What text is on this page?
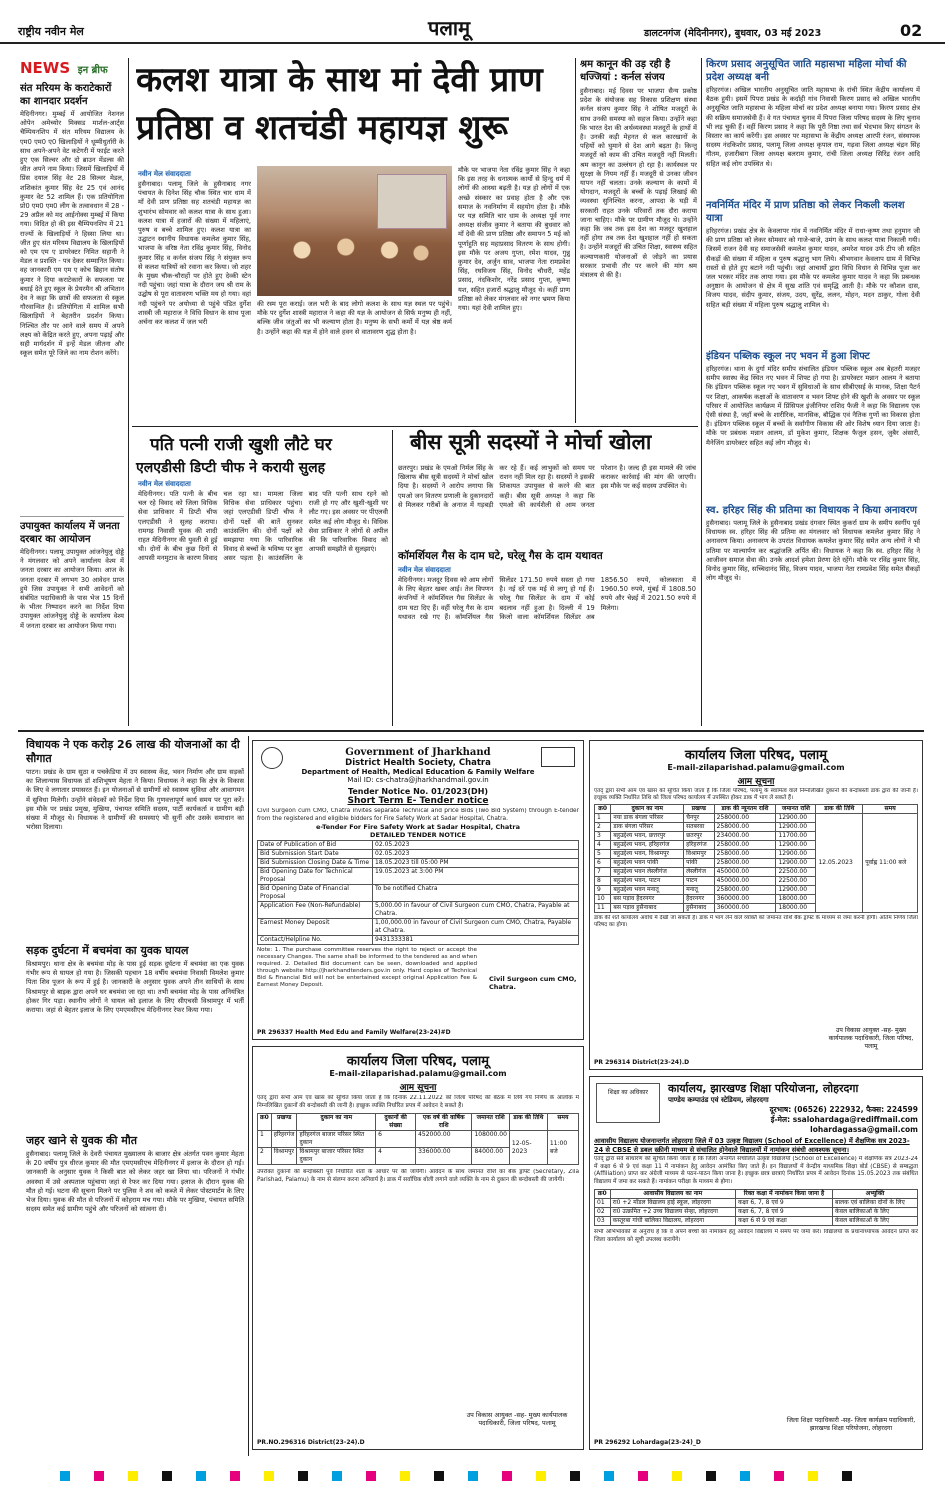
राष्ट्रीय नवीन मेल	पलामू	डालटनगंज (मेदिनीनगर), बुधवार, 03 मई 2023	02
NEWS इन ब्रीफ
संत मरियम के कराटेकारों का शानदार प्रदर्शन
मेदिनीनगर। मुम्बई में आयोजित नेशनल ओपेन अमेच्योर मिक्सड मार्शल-आर्ट्स चैम्पियनशिप में संत मरियम विद्यालय के एम0 एम0 ए0 खिलाड़ियों ने धूम्मीधुर्तारी के साथ अपने-अपने वेट कटेगरी में फाईट करते हुए एक सिल्वर और दो ब्राउन मेंडल्स की जीत अपने नाम किया। जिसमें खिलाड़ियों में प्रिंस दयाल सिंह वेट 28 सिल्वर मेडल, शशिकांत कुमार सिंह वेट 25 एवं आनंद कुमार वेट 52 शामिल हैं। एक प्रतियोगिता प्रो0 एम0 एम0 लीग के तत्वावधान में 28 - 29 अप्रैल को मद आईनोक्स मुम्बई में किया गया। विदित हो की इस चैम्पियनशिप में 21 राज्यों के खिलाड़ियों ने हिस्सा लिया था। जीत हुए संत मरियम विद्यालय के खिलाड़ियों को एम एम ए डायरेक्टर निमित सहानी ने मेडल व प्रशस्ति - पत्र देकर सम्मानित किया। वह जानकारी एम एम ए कोच ब्रिहान संतोष कुमार ने दिया कराटेकारों के सफलता पर बधाई देते हुए स्कूल के प्रेयरमैन श्री अभितान देव ने कहा कि छात्रों की सफलता से स्कूल गौरवान्वित है। प्रतियोगिता में शामिल सभी खिलाड़ियों ने बेहतरीन प्रदर्शन किया। निश्चित तौर पर आने वाले समय में अपने लक्ष्य को केंद्रित करते हुए, अपना पढ़ाई और सही मार्गदर्शन में इन्हें मेडल जीतना और स्कूल समेत पूरे जिले का नाम रोशन करेंगे।
उपायुक्त कार्यालय में जनता दरबार का आयोजन
मेदिनीनगर। पलामू उपायुक्त आंजनेयुलु दोड्डे ने मंगलवार को अपने कार्यालय वेश्म में जनता दरबार का आयोजन किया। आज के जनता दरबार में लगभग 30 आवेदन प्राप्त हुये जिस उपायुक्त ने सभी आवेदनों को संबंधित पदाधिकारी के पास भेज 15 दिनों के भीतर निष्पादन करने का निर्देश दिया उपायुक्त आंजनेयुलु दोड्डे के कार्यालय वेश्म में जनता दरबार का आयोजन किया गया।
कलश यात्रा के साथ मां देवी प्राण प्रतिष्ठा व शतचंडी महायज्ञ शुरू
नवीन मेल संवाददाता
हुसैनाबाद। पलामू जिले के हुसैनाबाद नगर पंचायत के दिनेश सिंह चौक स्थित चार धाम में माँ देवी प्राण प्रतिष्ठा सह शतचंडी महायज्ञ का शुभारंभ सोमवार को कलश यात्रा के साथ हुआ। कलश यात्रा में हजारों की संख्या में महिलाएं, पुरुष व बच्चे शामिल हुए। कलश यात्रा का उद्घाटन स्थानीय विधायक कमलेश कुमार सिंह, भाजपा के वरिष्ठ नेता रविंद्र कुमार सिंह, विनोद कुमार सिंह व कर्नल संजय सिंह ने संयुक्त रूप से कलश यात्रियों को रवाना कर किया। जो शहर के मुख्य चौक-चौराहों पर होते हुए देव्की स्टेन नदी पहुंचा। जहां यात्रा के दौरान जय श्री राम के उद्घोष से पूरा वातावरण भक्ति मय हो गया। वहां नदी पहुंचने पर अयोध्या से पहुंचे पंडित दुर्गेश शास्त्री जी महाराज ने विधि विधान के साथ पूजा अर्चना कर कलश में जल भरी
की रस्म पूरा कराई। जल भरी के बाद लोगो कलश के साथ यज्ञ स्थल पर पहुंचे। मौके पर दुर्गेश शास्त्री महाराज ने कहा की यज्ञ के आयोजन से सिर्फ मनुष्य ही नहीं, बल्कि जीव जंतुओं का भी कल्याण होता है। मनुष्य के सभी कर्मो में यज्ञ श्रेष्ठ कर्म है। उन्होंने कहा की यज्ञ में होने वाले हवन से वातावरण शुद्ध होता है।
मौके पर भाजपा नेता रविंद्र कुमार सिंह ने कहा कि इस तरह के धनात्मक कार्यो से हिन्दु धर्म में लोगों की आस्था बढ़ती है। यज्ञ हो लोगों में एक अच्छे संस्कार का प्रवाह होता है और एक समाज के नवनिर्माण में सहयोग होता है। मौके पर यज्ञ समिति चार धाम के अध्यक्ष पूर्व नगर अध्यक्ष संजीव कुमार ने बताया की बुधवार को माँ देवी की प्राण प्रतिष्ठा और समापन 5 मई को पूर्णाहुति सह महाप्रसाद वितरण के साथ होगी। इस मौके पर अजय गुप्ता, रमेश यादव, गुन्नु कुमार देव, अर्जुन साव, भाजपा नेता रामप्रवेश सिंह, रघविजय सिंह, विनोद चौधरी, महेंद्र प्रसाद, नंदकिशोर, नरेंद्र प्रसाद गुप्ता, कृष्णा यश, सहित हजारों श्रद्धालु मौजूद थे। कहीं प्राण प्रतिष्ठा को लेकर मंगलवार को नगर भ्रमण किया गया। यहां देवी शामिल हुए।
श्रम कानून की उड़ रही है धज्जियां : कर्नल संजय
हुसैनाबाद। मई दिवस पर भाजपा सैन्य प्रकोष्ठ प्रदेश के संयोजक सह विकास प्रशिक्षण संस्था कर्नल संजय कुमार सिंह ने शोषित मजदूरों के साथ उनकी समस्या को सहज किया। उन्होंने कहा कि भारत देश की अर्थव्यवस्था मजदूरों के हाथों में है। उनकी कड़ी मेहनत से कल कारखानों के पहियों को घुमाने से देश आगे बढ़ता है। किन्तु मजदूरों को काम की उचित मजदूरी नहीं मिलती। श्रम कानून का उल्लंघन हो रहा है। कार्यस्थल पर सुरक्षा के नियम नहीं हैं। मजदूरी से उनका जीवन यापन नहीं चलता। उनके कल्याण के कामों में योगदान, मजदूरों के बच्चों के पढ़ाई लिखाई की व्यवस्था सुनिश्चित करना, आपदा के घड़ी में सरकारी राहत उनके परिवारों तक दौरा कराया जाना चाहिए। मौके पर ग्रामीण मौजूद थे। उन्होंने कहा कि जब तक इस देश का मजदूर खुशहाल नहीं होगा तब तक देश खुशहाल नहीं हो सकता है। उन्होंने मजदूरों की उचित शिक्षा, स्वास्थ्य सहित कल्याणकारी योजनाओं से जोड़ने का प्रयास सरकार प्रभावी तौर पर करने की मांग श्रम मंत्रालय से की है।
किरण प्रसाद अनुसूचित जाति महासभा महिला मोर्चा की प्रदेश अध्यक्ष बनी
हरिहरगंज। अखिल भारतीय अनुसूचित जाति महासभा के रांची स्थित केंद्रीय कार्यालय में बैठक हुयी। इसमें पिपरा प्रखंड के कर्दाही गांव निवासी किरण प्रसाद को अखिल भारतीय अनुसूचित जाति महासभा के महिला मोर्चा का प्रदेश अध्यक्ष बनाया गया। किरण प्रसाद क्षेत्र की सक्रिय समाजसेवी हैं। वे गत पंचायत चुनाव में पिपरा जिला परिषद सदस्य के लिए चुनाव भी लड़ चुकी हैं। वहीं किरण प्रसाद ने कहा कि पूरी निष्ठा तथा सर्व भेदभाव किए संगठन के विस्तार का कार्य करेंगी। इस अवसर पर महासभा के केंद्रीय अध्यक्ष आरपी रंजन, संस्थापक सदस्य नंदकिशोर प्रसाद, पलामू जिला अध्यक्ष कृपाल राम, गढ़वा जिला अध्यक्ष चंद्रन सिंह गौतम, हजारीबाग जिला अध्यक्ष बलराम कुमार, रांची जिला अध्यक्ष सिरिंद्र रंजन आदि सहित कई लोग उपस्थित थे।
नवनिर्मित मंदिर में प्राण प्रतिष्ठा को लेकर निकली कलश यात्रा
हरिहरगंज। प्रखंड क्षेत्र के केवलापर गांव में नवनिर्मित मंदिर में राधा-कृष्ण तथा हनुमान जी की प्राण प्रतिष्ठा को लेकर सोमवार को गाजे-बाजे, उमंग के साथ कलश यात्रा निकाली गयी। जिसमें राजन देवी सह समाजसेवी कमलेश कुमार यादव, अमरेश यादव उर्फ टीप जी सहित सैकड़ों की संख्या में महिला व पुरुष श्रद्धालु भाग लिये। श्रीभगवान केवलाप ग्राम में विभिन्न रास्तों से होते हुए बटाने नदी पहुंची। जहां आचार्यो द्वारा विधि विधान से विभिन्न पूजा कर जल भरकर मंदिर तक लाया गया। इस मौके पर कमलेश कुमार यादव ने कहा कि प्रबन्धक अनुष्ठान के आयोजन से क्षेत्र में सुख शांति एवं समृद्धि आती है। मौके पर कौशल दास, विजय यादव, संदीप कुमार, संजय, उदय, सुरेंद्र, ललन, मोहन, मदन ठाकुर, गोला देवी सहित बड़ी संख्या में महिला पुरुष श्रद्धालु शामिल थे।
इंडियन पब्लिक स्कूल नए भवन में हुआ शिफ्ट
हरिहरगंज। थाना के दुर्गा मंदिर समीप संचालित इंडियन पब्लिक स्कूल अब बेहतरी मजहर समीप स्वास्थ केंद्र स्थित नए भवन में शिफ्ट हो गया है। डायरेक्टर मन्नान आलम ने बताया कि इंडियन पब्लिक स्कूल नए भवन में सुविधाओं के साथ सीबीएसई के मानक, शिक्षा पैटर्न पर शिक्षा, आकर्षक कक्षाओं के वातावरण व भवन शिफ्ट होने की खुशी के अवसर पर स्कूल परिसर में आयोजित कार्यक्रम में प्रिंसिपल इंजीनियर राशिद फैजी ने कहा कि विद्यालय एक ऐसी संस्था है, जहाँ बच्चे के शारीरिक, मानसिक, बौद्धिक एवं नैतिक गुणों का विकास होता है। इंडियन पब्लिक स्कूल में बच्चों के सर्वांगीण विकास की ओर विशेष ध्यान दिया जाता है। मौके पर प्रबंधक मन्नान आलम, डॉ मुकेश कुमार, शिक्षक फैजुल हसन, जुबैर अंसारी, मैनेजिंग डायरेक्टर सहित कई लोग मौजूद थे।
स्व. हरिहर सिंह की प्रतिमा का विधायक ने किया अनावरण
हुसैनाबाद। पलामू जिले के हुसैनाबाद प्रखंड दंगवार स्थित कुकर्रा ग्राम के समीप स्वर्गीय पूर्व विधायक स्व. हरिहर सिंह की प्रतिमा का मंगलवार को विधायक कमलेश कुमार सिंह ने अनावरण किया। अनावरण के उपरांत विधायक कमलेश कुमार सिंह समेत अन्य लोगों ने भी प्रतिमा पर माल्यार्पण कर श्रद्धांजलि अर्पित की। विधायक ने कहा कि स्व. हरिहर सिंह ने आजीवन समाज सेवा की। उनके आदर्श हमेशा प्रेरणा देते रहेंगे। मौके पर रविंद्र कुमार सिंह, विनोद कुमार सिंह, सच्चिदानंद सिंह, विजय यादव, भाजपा नेता रामप्रवेश सिंह समेत सैकड़ों लोग मौजूद थे।
पति पत्नी राजी खुशी लौटे घर
एलएडीसी डिप्टी चीफ ने करायी सुलह
नवीन मेल संवाददाता
मेदिनीनगर। पति पत्नी के बीच चल रहे विवाद को जिला विधिक सेवा प्राधिकार में डिप्टी चीफ एलएडीसी ने सुलह कराया। रामगढ़ निवासी युवक की शादी राहत मेदिनीनगर की युवती से हुई थी। दोनों के बीच कुछ दिनों से आपसी मनमुटाव के कारण विवाद चल रहा था। मामला जिला विधिक सेवा प्राधिकार पहुंचा। जहां एलएडीसी डिप्टी चीफ ने दोनों पक्षों की बातें सुनकर काउंसलिंग की। दोनों पक्षों को समझाया गया कि पारिवारिक विवाद से बच्चों के भविष्य पर बुरा असर पड़ता है। काउंसलिंग के बाद पति पत्नी साथ रहने को राजी हो गए और खुशी-खुशी घर लौट गए। इस अवसर पर पीएलवी समेत कई लोग मौजूद थे। विधिक सेवा प्राधिकार ने लोगों से अपील की कि पारिवारिक विवाद को आपसी समझौते से सुलझाएं।
बीस सूत्री सदस्यों ने मोर्चा खोला
छतरपुर। प्रखंड के एमओ निर्मल सिंह के खिलाफ बीस सूत्री सदस्यों ने मोर्चा खोल दिया है। सदस्यों ने आरोप लगाया कि एमओ जन वितरण प्रणाली के दुकानदारों से मिलकर गरीबों के अनाज में गड़बड़ी कर रहे हैं। कई लाभुकों को समय पर राशन नहीं मिल रहा है। सदस्यों ने इसकी शिकायत उपायुक्त से करने की बात कही। बीस सूत्री अध्यक्ष ने कहा कि एमओ की कार्यशैली से आम जनता परेशान है। जल्द ही इस मामले की जांच कराकर कार्रवाई की मांग की जाएगी। इस मौके पर कई सदस्य उपस्थित थे।
कॉमर्शियल गैस के दाम घटे, घरेलू गैस के दाम यथावत
नवीन मेल संवाददाता
मेदिनीनगर। मजदूर दिवस को आम लोगों के लिए बेहतर खबर आई। तेल विपणन कंपनियों ने कॉमर्शियल गैस सिलेंडर के दाम घटा दिए हैं। वहीं घरेलू गैस के दाम यथावत रखे गए हैं। कॉमर्शियल गैस सिलेंडर 171.50 रुपये सस्ता हो गया है। नई दरें एक मई से लागू हो गई हैं। घरेलू गैस सिलेंडर के दाम में कोई बदलाव नहीं हुआ है। दिल्ली में 19 किलो वाला कॉमर्शियल सिलेंडर अब 1856.50 रुपये, कोलकाता में 1960.50 रुपये, मुंबई में 1808.50 रुपये और चेन्नई में 2021.50 रुपये में मिलेगा।
विधायक ने एक करोड़ 26 लाख की योजनाओं का दी सौगात
पाटन। प्रखंड के ग्राम सुठा व पचकेडिया में उप स्वास्थ्य केंद्र, भवन निर्माण और ग्राम सड़कों का शिलान्यास विधायक डॉ शशिभूषण मेहता ने किया। विधायक ने कहा कि क्षेत्र के विकास के लिए वे लगातार प्रयासरत हैं। इन योजनाओं से ग्रामीणों को स्वास्थ्य सुविधा और आवागमन में सुविधा मिलेगी। उन्होंने संवेदकों को निर्देश दिया कि गुणवत्तापूर्ण कार्य समय पर पूरा करें। इस मौके पर प्रखंड प्रमुख, मुखिया, पंचायत समिति सदस्य, पार्टी कार्यकर्ता व ग्रामीण बड़ी संख्या में मौजूद थे। विधायक ने ग्रामीणों की समस्याएं भी सुनीं और उसके समाधान का भरोसा दिलाया।
सड़क दुर्घटना में बचमंवा का युवक घायल
विश्रामपुर। थाना क्षेत्र के बचमंवा मोड़ के पास हुई सड़क दुर्घटना में बचमंवा का एक युवक गंभीर रूप से घायल हो गया है। जिसकी पहचान 18 वर्षीय बचमंवा निवासी विमलेश कुमार पिता शिव पूजन के रूप में हुई है। जानकारी के अनुसार युवक अपने तीन साथियों के साथ विश्रामपुर से बाइक द्वारा अपने घर बचमंवा जा रहा था। तभी बचमंवा मोड़ के पास अनियंत्रित होकर गिर पड़ा। स्थानीय लोगों ने घायल को इलाज के लिए सीएचसी विश्रामपुर में भर्ती कराया। जहां से बेहतर इलाज के लिए एमएमसीएच मेदिनीनगर रेफर किया गया।
जहर खाने से युवक की मौत
हुसैनाबाद। पलामू जिले के देवरी पंचायत मुख्यालय के बाजार क्षेत्र अंतर्गत पवन कुमार मेहता के 20 वर्षीय पुत्र धीरज कुमार की मौत एमएमसीएच मेदिनीनगर में इलाज के दौरान हो गई। जानकारी के अनुसार युवक ने किसी बात को लेकर जहर खा लिया था। परिजनों ने गंभीर अवस्था में उसे अस्पताल पहुंचाया जहां से रेफर कर दिया गया। इलाज के दौरान युवक की मौत हो गई। घटना की सूचना मिलने पर पुलिस ने शव को कब्जे में लेकर पोस्टमार्टम के लिए भेज दिया। युवक की मौत से परिजनों में कोहराम मच गया। मौके पर मुखिया, पंचायत समिति सदस्य समेत कई ग्रामीण पहुंचे और परिजनों को सांत्वना दी।
Government of Jharkhand
District Health Society, Chatra
Department of Health, Medical Education & Family Welfare
Mail ID: cs-chatra@jharkhandmail.gov.in
Tender Notice No. 01/2023(DH)
Short Term E- Tender notice
Civil Surgeon cum CMO, Chatra invites separate Technical and price Bids (Two Bid System) through E-tender from the registered and eligible bidders for Fire Safety Work at Sadar Hospital, Chatra.
e-Tender For Fire Safety Work at Sadar Hospital, Chatra
DETAILED TENDER NOTICE
Date of Publication of Bid	02.05.2023
Bid Submission Start Date	02.05.2023
Bid Submission Closing Date & Time	18.05.2023 till 05:00 PM
Bid Opening Date for Technical Proposal	19.05.2023 at 3:00 PM
Bid Opening Date of Financial Proposal	To be notified Chatra
Application Fee (Non-Refundable)	5,000.00 in favour of Civil Surgeon cum CMO, Chatra, Payable at Chatra.
Earnest Money Deposit	1,00,000.00 in favour of Civil Surgeon cum CMO, Chatra, Payable at Chatra.
Contact/Helpline No.	9431333381
Note: 1. The purchase committee reserves the right to reject or accept the necessary Changes. The same shall be informed to the tendered as and when required. 2. Detailed Bid document can be seen, downloaded and applied through website http://jharkhandtenders.gov.in only. Hard copies of Technical Bid & Financial Bid will not be entertained except original Application Fee & Earnest Money Deposit.
Civil Surgeon cum CMO, Chatra.
PR 296337 Health Med Edu and Family Welfare(23-24)#D
कार्यालय जिला परिषद, पलामू
E-mail-zilaparishad.palamu@gmail.com
आम सूचना
एतद् द्वारा सभी आम एवं खास को सूचित किया जाता है कि जिला परिषद, पलामू के स्वामित्व वाले निम्नलिखित दुकानों की बन्दोबस्ती डाक द्वारा की जानी है। इच्छुक व्यक्ति निर्धारित तिथि को जिला परिषद कार्यालय में उपस्थित होकर डाक में भाग ले सकते हैं।
क्र0	दुकान का नाम	प्रखण्ड	डाक की न्यूनतम राशि	जमानत राशि	डाक की तिथि	समय
1	नया डाक बंगला परिसर	चैनपुर	258000.00	12900.00	12.05.2023	पूर्वाह्न 11:00 बजे
2	डाक बंगला परिसर	सतबरवा	258000.00	12900.00		
3	बहुउद्देश्य भवन, छत्तरपुर	छतरपुर	234000.00	11700.00		
4	बहुउद्देश्य भवन, हरिहरगंज	हरिहरगंज	258000.00	12900.00		
5	बहुउद्देश्य भवन, विश्रामपुर	विश्रामपुर	258000.00	12900.00		
6	बहुउद्देश्य भवन पांकी	पांकी	258000.00	12900.00		
7	बहुउद्देश्य भवन लेस्लीगंज	लेस्लीगंज	450000.00	22500.00		
8	बहुउद्देश्य भवन, पाटन	पाटन	450000.00	22500.00		
9	बहुउद्देश्य भवन मनातू	मनातू	258000.00	12900.00		
10	बस पड़ाव हैदरनगर	हैदरनगर	360000.00	18000.00		
11	बस पड़ाव हुसैनाबाद	हुसैनाबाद	360000.00	18000.00		
डाक की शर्तें कार्यालय अवधि में देखी जा सकती हैं। डाक में भाग लेने वाले व्यक्ति को जमानत राशि बैंक ड्राफ्ट के माध्यम से जमा करनी होगी। अंतिम निर्णय जिला परिषद का होगा।
उप विकास आयुक्त -सह- मुख्य कार्यपालक पदाधिकारी, जिला परिषद, पलामू
PR 296314 District(23-24).D
कार्यालय जिला परिषद, पलामू
E-mail-zilaparishad.palamu@gmail.com
आम सूचना
एतद् द्वारा सभी आम एवं खास को सूचित किया जाता है कि दिनांक 22.11.2022 को जिला परिषद की बैठक में लिये गये निर्णय के आलोक में निम्नलिखित दुकानों की बन्दोबस्ती की जानी है। इच्छुक व्यक्ति निर्धारित प्रपत्र में आवेदन दे सकते हैं।
क्र0	प्रखण्ड	दुकान का नाम	दुकानों की संख्या	एक वर्ष की वार्षिक राशि	जमानत राशि	डाक की तिथि	समय
1	हरिहरगंज	हरिहरगंज बाजार परिसर स्थित दुकान	6	452000.00	108000.00	12-05-2023	11:00 बजे
2	विश्रामपुर	विश्रामपुर बाजार परिसर स्थित दुकान	4	336000.00	84000.00		
उपरोक्त दुकानों की बन्दोबस्ती पूर्व निर्धारित शर्तों के आधार पर की जायेगी। आवेदन के साथ जमानत राशि का बैंक ड्राफ्ट (Secretary, Zila Parishad, Palamu) के नाम से संलग्न करना अनिवार्य है। डाक में सर्वाधिक बोली लगाने वाले व्यक्ति के नाम से दुकान की बन्दोबस्ती की जायेगी।
उप विकास आयुक्त -सह- मुख्य कार्यपालक पदाधिकारी, जिला परिषद, पलामू
PR.NO.296316 District(23-24).D
शिक्षा का अधिकार	कार्यालय, झारखण्ड शिक्षा परियोजना, लोहरदगा
पाण्डेय कम्पाउंड एवं स्टेडियम, लोहरदगा
दूरभाष: (06526) 222932, फैक्स: 224599
ई-मेल: ssalohardaga@rediffmail.com
lohardagassa@gmail.com
आवासीय विद्यालय योजनान्तर्गत लोहरदगा जिले में 03 उत्कृष्ट विद्यालय (School of Excellence) में शैक्षणिक सत्र 2023-24 से CBSE से डबल स्क्रीनी माध्यम से संचालित होनेवाले विद्यालयों में नामांकन संबंधी आवश्यक सूचना।
एतद् द्वारा सर्व साधारण को सूचित किया जाता है कि जिला अन्तर्गत संचालित उत्कृष्ट विद्यालयों (School of Excellence) में शैक्षणिक सत्र 2023-24 में कक्षा 6 से 9 एवं कक्षा 11 में नामांकन हेतु आवेदन आमंत्रित किए जाते हैं। इन विद्यालयों में केन्द्रीय माध्यमिक शिक्षा बोर्ड (CBSE) से सम्बद्धता (Affiliation) प्राप्त कर अंग्रेजी माध्यम से पठन-पाठन किया जाना है। इच्छुक छात्र छात्राएं निर्धारित प्रपत्र में आवेदन दिनांक 15.05.2023 तक संबंधित विद्यालय में जमा कर सकते हैं। नामांकन परीक्षा के माध्यम से होगा।
क्र0	आवासीय विद्यालय का नाम	रिक्त कक्षा में नामांकन किया जाना है	अभ्युक्ति
01	रा0 +2 मॉडल विद्यालय हाई स्कूल, लोहरदगा	कक्षा 6, 7, 8 एवं 9	बालक एवं बालिका दोनों के लिए
02	रा0 उत्क्रमित +2 उच्च विद्यालय सेन्हा, लोहरदगा	कक्षा 6, 7, 8 एवं 9	केवल बालिकाओं के लिए
03	कस्तूरबा गांधी बालिका विद्यालय, लोहरदगा	कक्षा 6 से 9 एवं कक्षा	केवल बालिकाओं के लिए
सभी अभिभावकों से अनुरोध है कि वे अपने बच्चों का नामांकन हेतु आवेदन विद्यालय में समय पर जमा करें। विद्यालयों के प्रधानाध्यापक आवेदन प्राप्त कर जिला कार्यालय को सूची उपलब्ध करायेंगे।
जिला शिक्षा पदाधिकारी -सह- जिला कार्यक्रम पदाधिकारी, झारखण्ड शिक्षा परियोजना, लोहरदगा
PR 296292 Lohardaga(23-24)_D
